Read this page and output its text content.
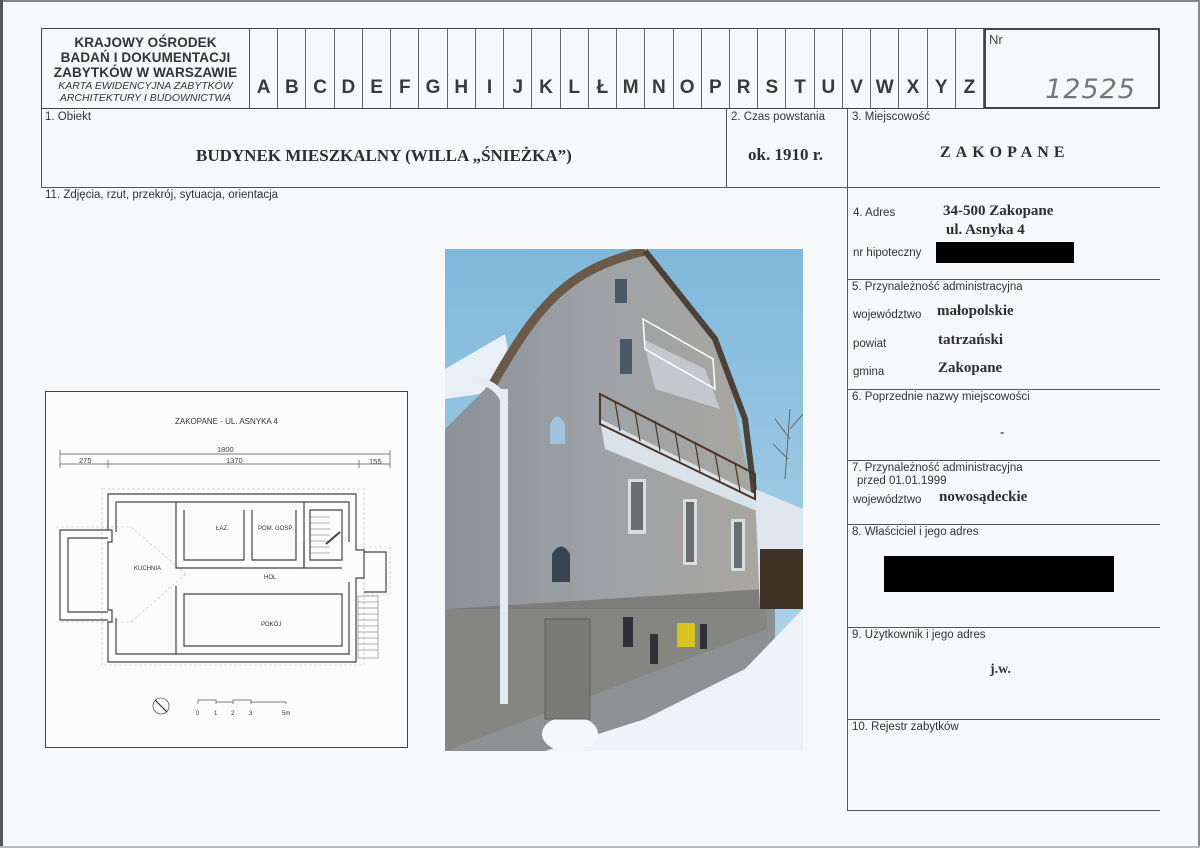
KRAJOWY OŚRODEK
BADAŃ I DOKUMENTACJI
ZABYTKÓW W WARSZAWIE
KARTA EWIDENCYJNA ZABYTKÓW
ARCHITEKTURY I BUDOWNICTWA	A B C D E F G H I	J K L Ł M N O P R S T U V W X Y Z
Nr
12525
1. Obiekt
BUDYNEK MIESZKALNY (WILLA „ŚNIEŻKA”)
2. Czas powstania
ok. 1910 r.
3. Miejscowość
ZAKOPANE
11. Zdjęcia, rzut, przekrój, sytuacja, orientacja
4. Adres	34-500 Zakopane
ul. Asnyka 4
nr hipoteczny
5. Przynależność administracyjna
województwo małopolskie
powiat	tatrzański
gmina	Zakopane
6. Poprzednie nazwy miejscowości
-
7. Przynależność administracyjna
przed 01.01.1999
województwo nowosądeckie
8. Właściciel i jego adres
9. Użytkownik i jego adres
j.w.
10. Rejestr zabytków
ZAKOPANE - UL. ASNYKA 4
1800
275	1370	155
ŁAZ.	POM. GOSP.
KUCHNIA
HOL
POKÓJ
0 1 2 3	5m
